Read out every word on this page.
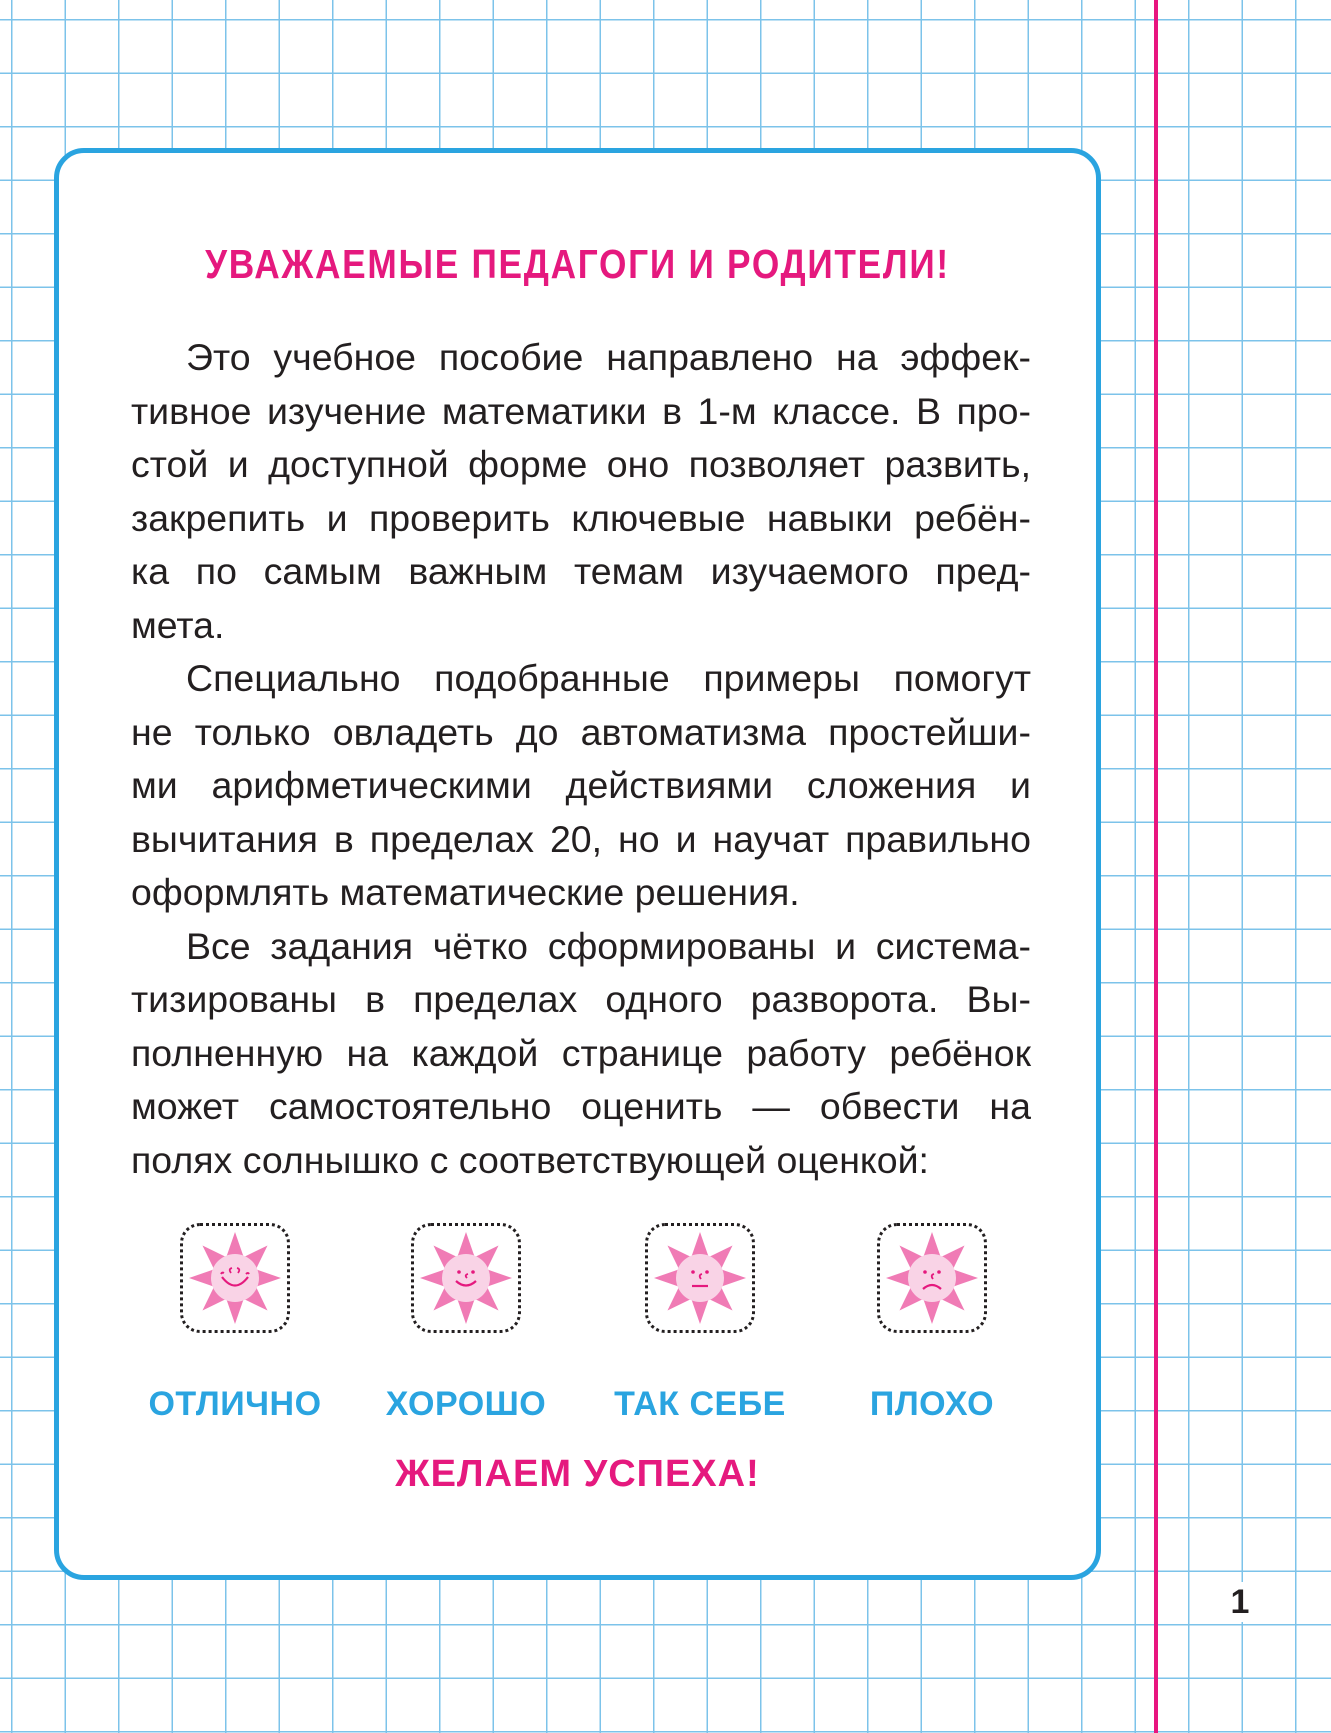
1
УВАЖАЕМЫЕ ПЕДАГОГИ И РОДИТЕЛИ!
Это учебное пособие направлено на эффек-
тивное изучение математики в 1-м классе. В про-
стой и доступной форме оно позволяет развить,
закрепить и проверить ключевые навыки ребён-
ка по самым важным темам изучаемого пред-
мета.
Специально подобранные примеры помогут
не только овладеть до автоматизма простейши-
ми арифметическими действиями сложения и
вычитания в пределах 20, но и научат правильно
оформлять математические решения.
Все задания чётко сформированы и система-
тизированы в пределах одного разворота. Вы-
полненную на каждой странице работу ребёнок
может самостоятельно оценить — обвести на
полях солнышко с соответствующей оценкой:
ОТЛИЧНО	ХОРОШО	ТАК СЕБЕ	ПЛОХО
ЖЕЛАЕМ УСПЕХА!
